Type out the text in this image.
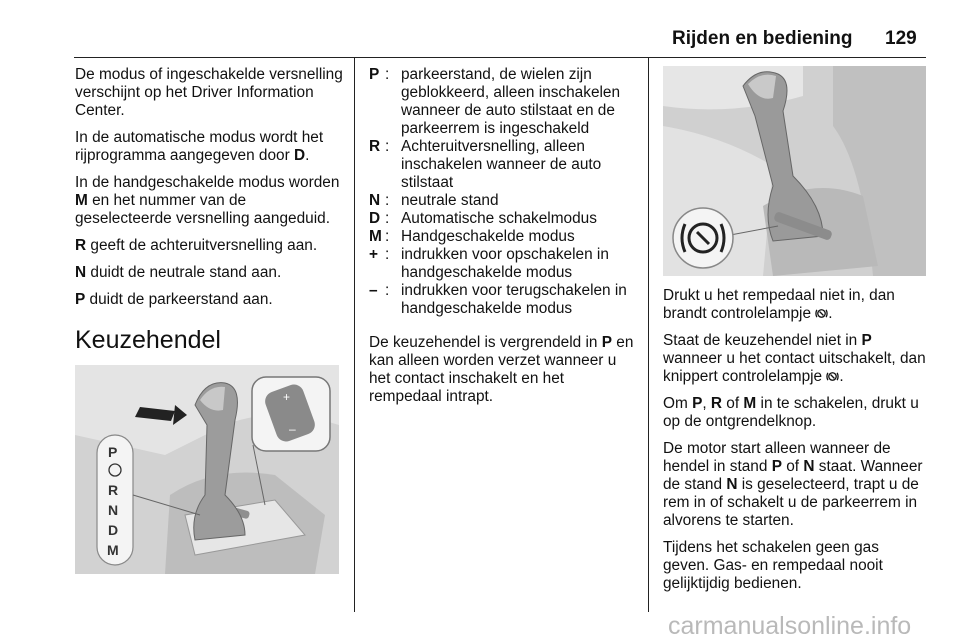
Rijden en bediening 129

De modus of ingeschakelde versnelling verschijnt op het Driver Information Center.

In de automatische modus wordt het rijprogramma aangegeven door D.

In de handgeschakelde modus worden M en het nummer van de geselecteerde versnelling aangeduid.

R geeft de achteruitversnelling aan.

N duidt de neutrale stand aan.

P duidt de parkeerstand aan.

Keuzehendel
+
–
P
R
N
D
M
P : parkeerstand, de wielen zijn geblokkeerd, alleen inschakelen wanneer de auto stilstaat en de parkeerrem is ingeschakeld
R : Achteruitversnelling, alleen inschakelen wanneer de auto stilstaat
N : neutrale stand
D : Automatische schakelmodus
M : Handgeschakelde modus
+ : indrukken voor opschakelen in handgeschakelde modus
– : indrukken voor terugschakelen in handgeschakelde modus

De keuzehendel is vergrendeld in P en kan alleen worden verzet wanneer u het contact inschakelt en het rempedaal intrapt.

Drukt u het rempedaal niet in, dan brandt controlelampje .

Staat de keuzehendel niet in P wanneer u het contact uitschakelt, dan knippert controlelampje .

Om P, R of M in te schakelen, drukt u op de ontgrendelknop.

De motor start alleen wanneer de hendel in stand P of N staat. Wanneer de stand N is geselecteerd, trapt u de rem in of schakelt u de parkeerrem in alvorens te starten.

Tijdens het schakelen geen gas geven. Gas- en rempedaal nooit gelijktijdig bedienen.

carmanualsonline.info
